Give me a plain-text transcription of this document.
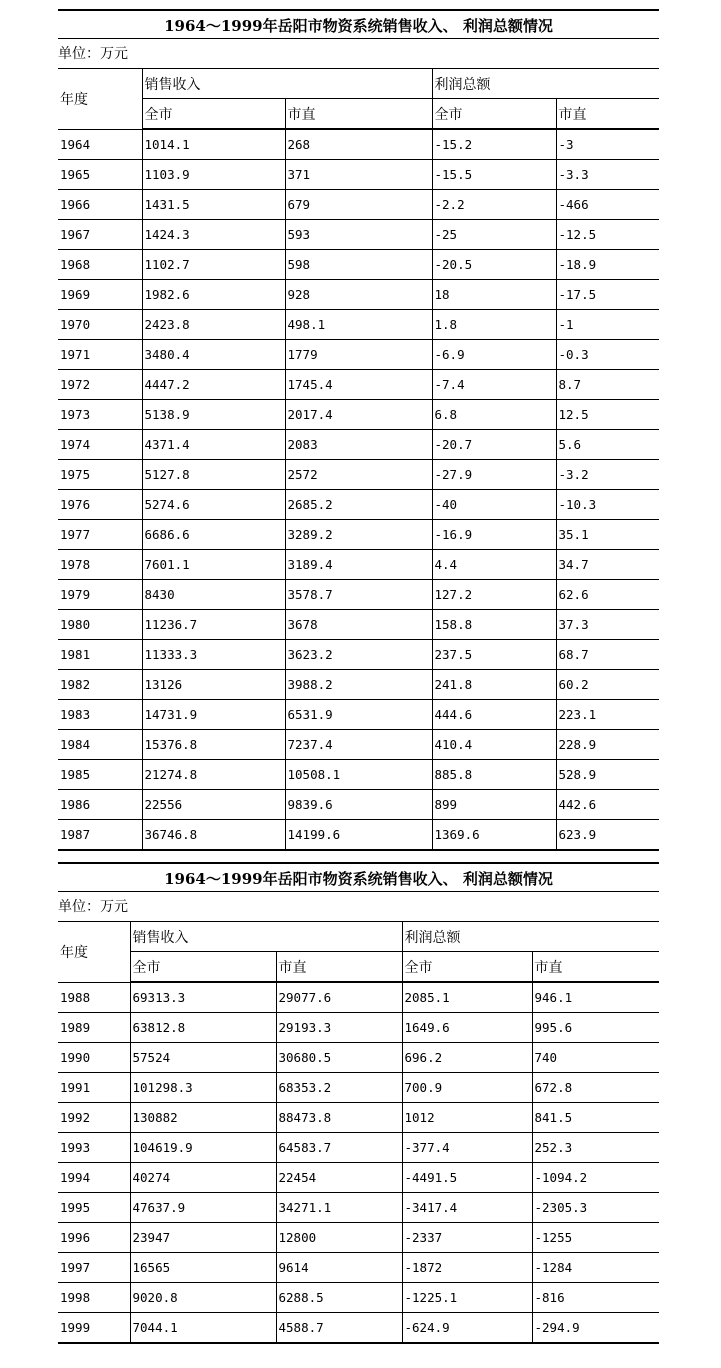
1964～1999年岳阳市物资系统销售收入、 利润总额情况
单位：万元
年度	销售收入		利润总额	
	全市	市直	全市	市直
1964	1014.1	268	-15.2	-3
1965	1103.9	371	-15.5	-3.3
1966	1431.5	679	-2.2	-466
1967	1424.3	593	-25	-12.5
1968	1102.7	598	-20.5	-18.9
1969	1982.6	928	18	-17.5
1970	2423.8	498.1	1.8	-1
1971	3480.4	1779	-6.9	-0.3
1972	4447.2	1745.4	-7.4	8.7
1973	5138.9	2017.4	6.8	12.5
1974	4371.4	2083	-20.7	5.6
1975	5127.8	2572	-27.9	-3.2
1976	5274.6	2685.2	-40	-10.3
1977	6686.6	3289.2	-16.9	35.1
1978	7601.1	3189.4	4.4	34.7
1979	8430	3578.7	127.2	62.6
1980	11236.7	3678	158.8	37.3
1981	11333.3	3623.2	237.5	68.7
1982	13126	3988.2	241.8	60.2
1983	14731.9	6531.9	444.6	223.1
1984	15376.8	7237.4	410.4	228.9
1985	21274.8	10508.1	885.8	528.9
1986	22556	9839.6	899	442.6
1987	36746.8	14199.6	1369.6	623.9
1964～1999年岳阳市物资系统销售收入、 利润总额情况
单位：万元
年度	销售收入		利润总额	
	全市	市直	全市	市直
1988	69313.3	29077.6	2085.1	946.1
1989	63812.8	29193.3	1649.6	995.6
1990	57524	30680.5	696.2	740
1991	101298.3	68353.2	700.9	672.8
1992	130882	88473.8	1012	841.5
1993	104619.9	64583.7	-377.4	252.3
1994	40274	22454	-4491.5	-1094.2
1995	47637.9	34271.1	-3417.4	-2305.3
1996	23947	12800	-2337	-1255
1997	16565	9614	-1872	-1284
1998	9020.8	6288.5	-1225.1	-816
1999	7044.1	4588.7	-624.9	-294.9
